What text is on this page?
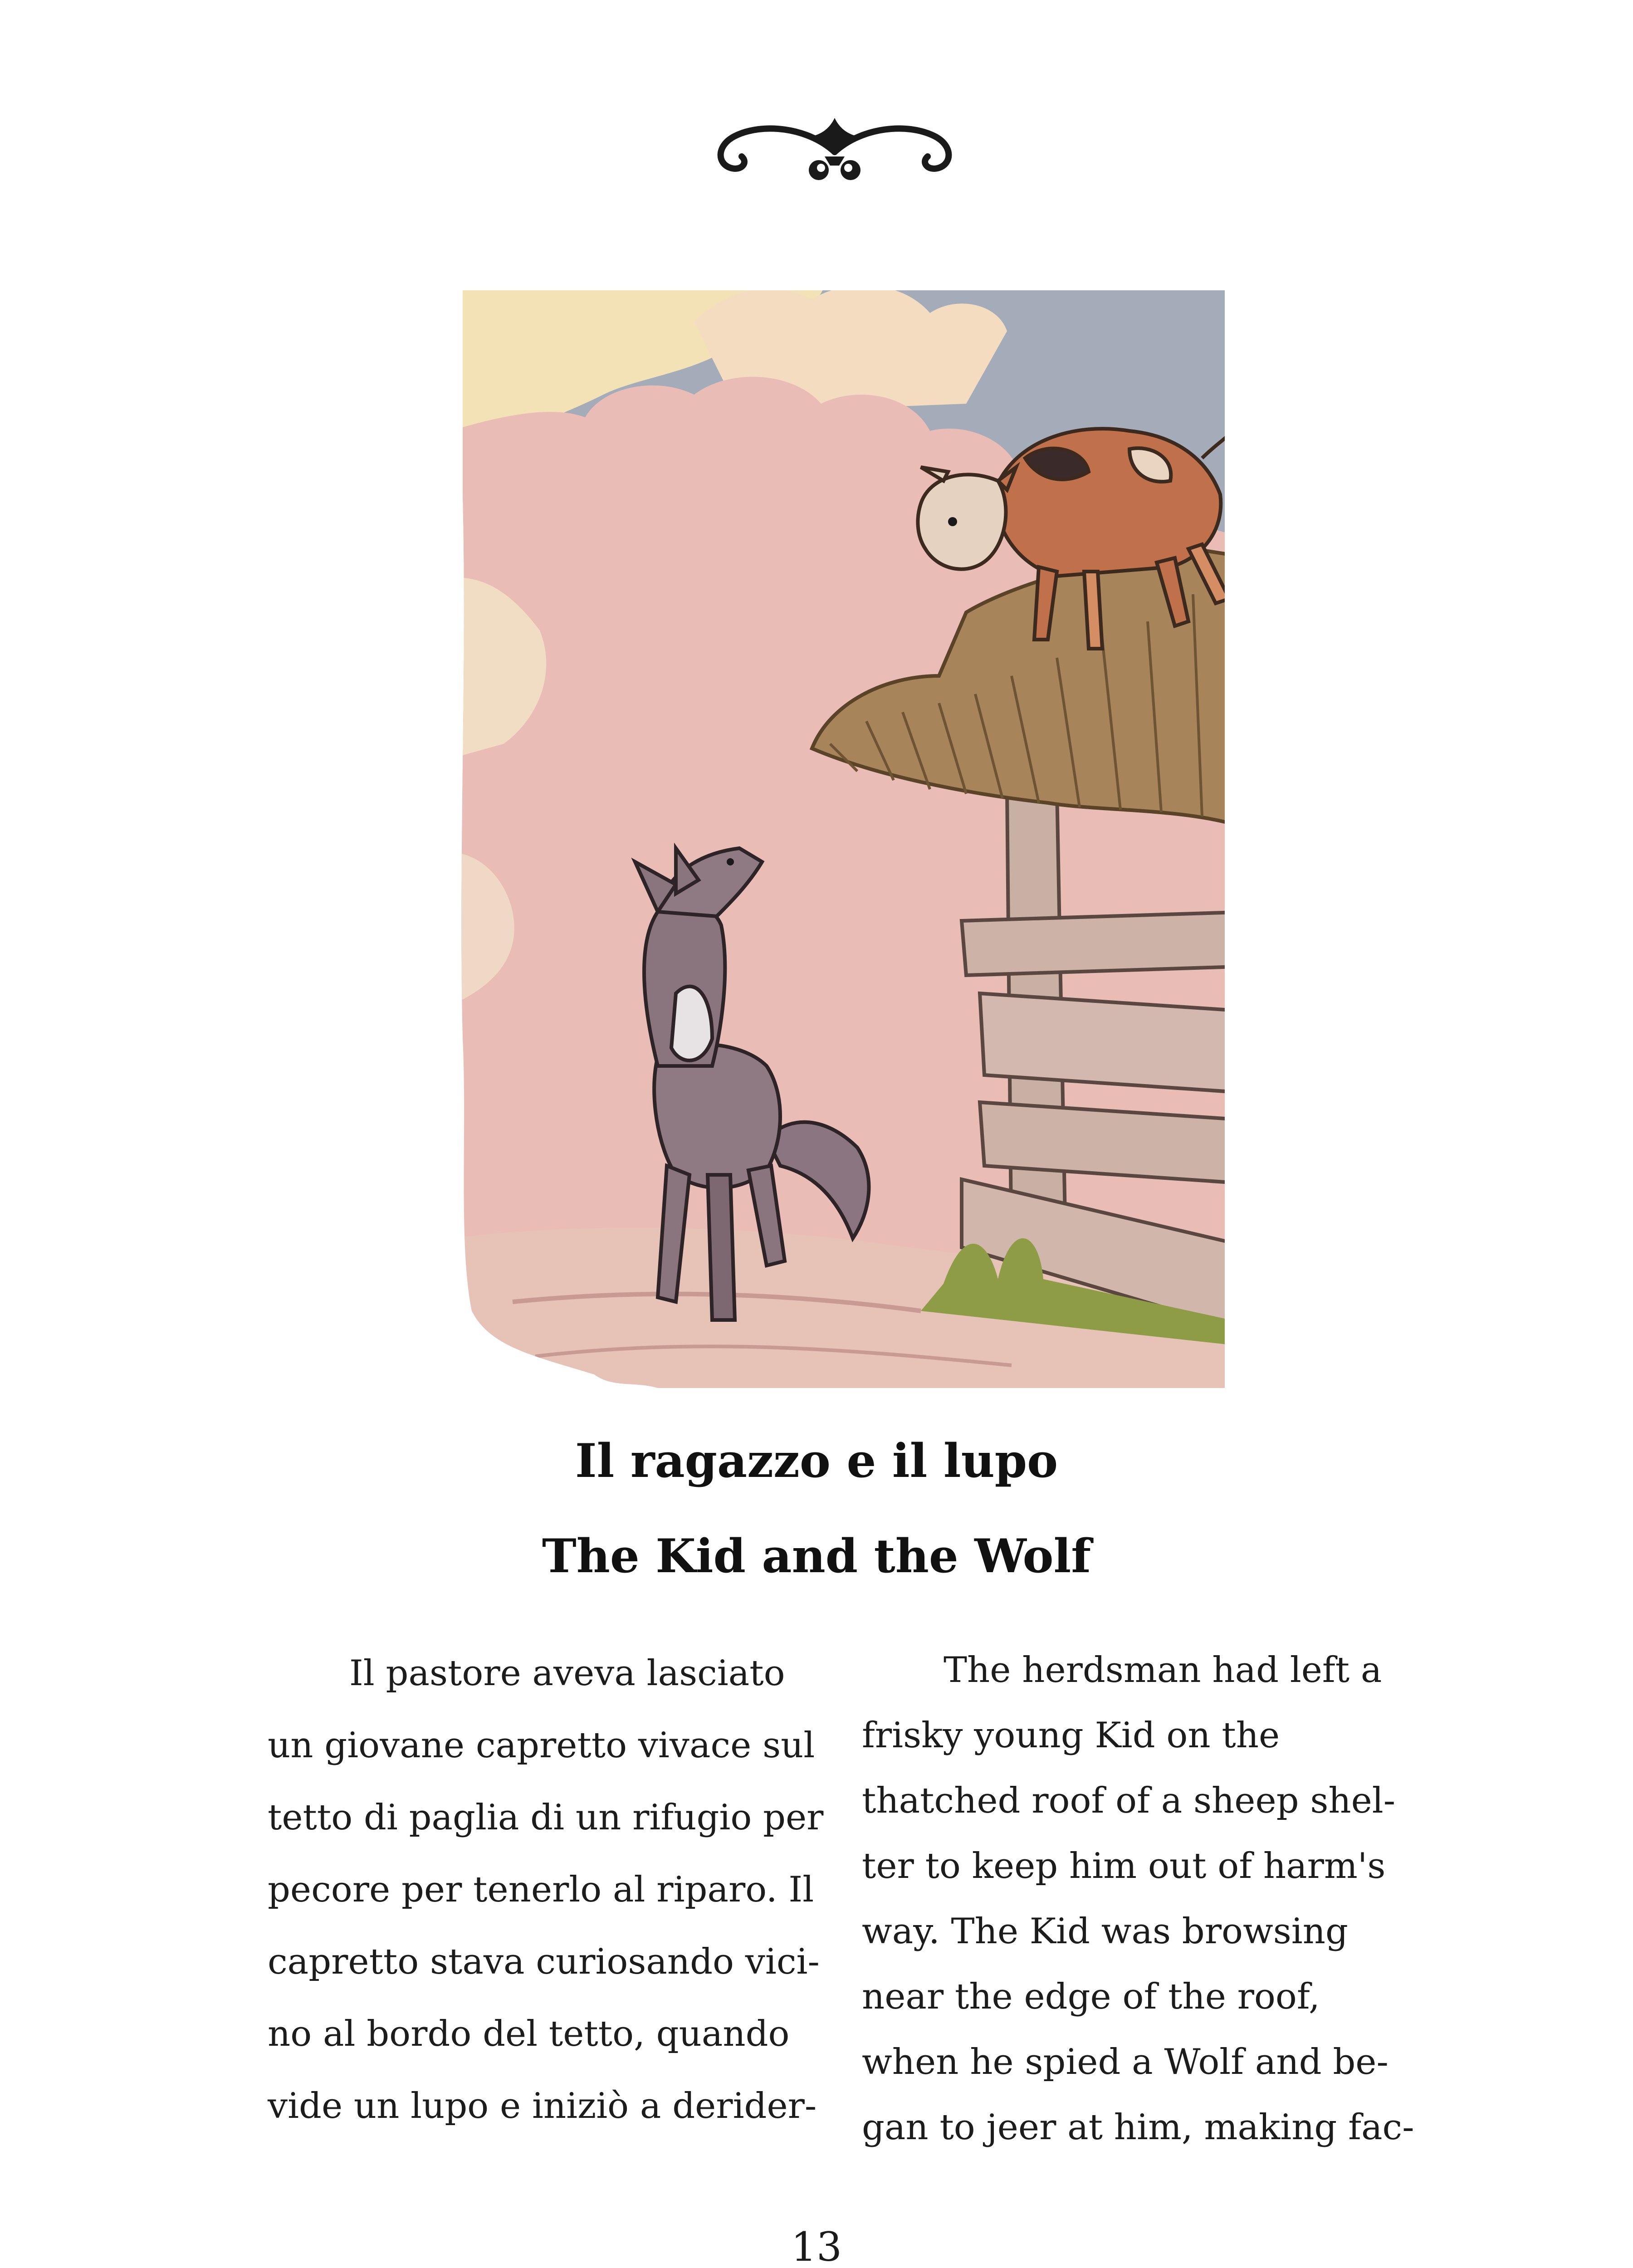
Il ragazzo e il lupo
The Kid and the Wolf
Il pastore aveva lasciato
un giovane capretto vivace sul
tetto di paglia di un rifugio per
pecore per tenerlo al riparo. Il
capretto stava curiosando vici-
no al bordo del tetto, quando
vide un lupo e iniziò a derider-
The herdsman had left a
frisky young Kid on the
thatched roof of a sheep shel-
ter to keep him out of harm's
way. The Kid was browsing
near the edge of the roof,
when he spied a Wolf and be-
gan to jeer at him, making fac-
13
